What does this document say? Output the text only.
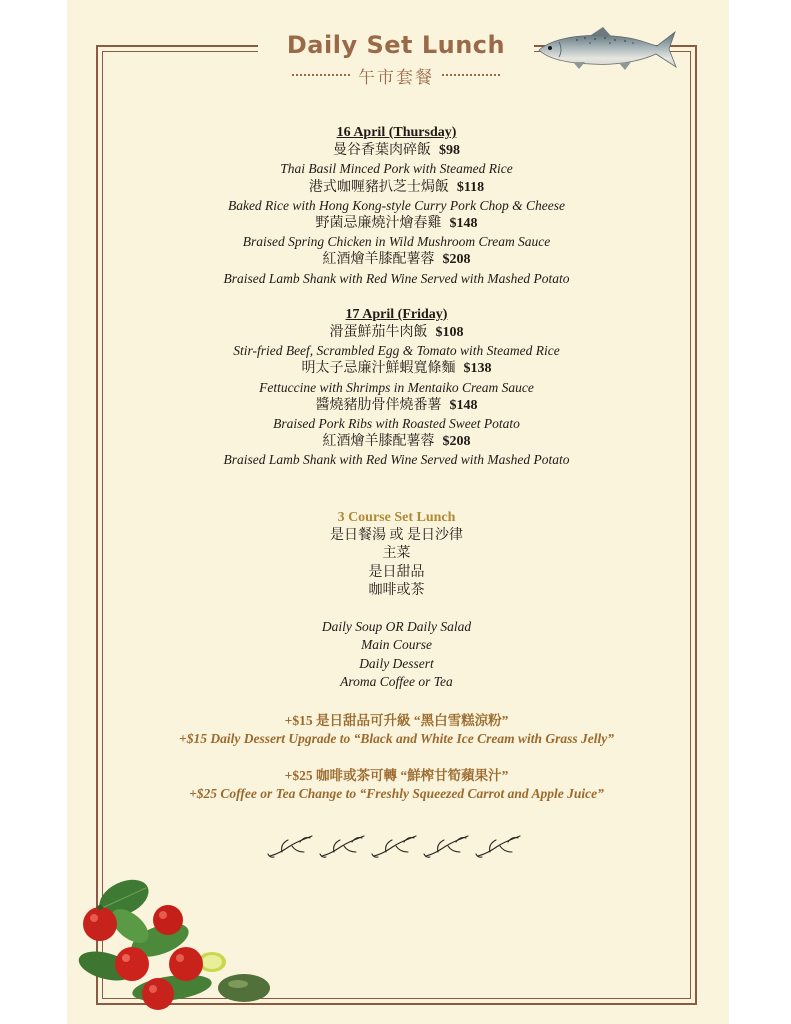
Daily Set Lunch
午市套餐
16 April (Thursday)
曼谷香葉肉碎飯 $98
Thai Basil Minced Pork with Steamed Rice
港式咖喱豬扒芝士焗飯 $118
Baked Rice with Hong Kong-style Curry Pork Chop & Cheese
野菌忌廉燒汁燴春雞 $148
Braised Spring Chicken in Wild Mushroom Cream Sauce
紅酒燴羊膝配薯蓉 $208
Braised Lamb Shank with Red Wine Served with Mashed Potato
17 April (Friday)
滑蛋鮮茄牛肉飯 $108
Stir-fried Beef, Scrambled Egg & Tomato with Steamed Rice
明太子忌廉汁鮮蝦寬條麵 $138
Fettuccine with Shrimps in Mentaiko Cream Sauce
醬燒豬肋骨伴燒番薯 $148
Braised Pork Ribs with Roasted Sweet Potato
紅酒燴羊膝配薯蓉 $208
Braised Lamb Shank with Red Wine Served with Mashed Potato
3 Course Set Lunch
是日餐湯 或 是日沙律
主菜
是日甜品
咖啡或茶
Daily Soup OR Daily Salad
Main Course
Daily Dessert
Aroma Coffee or Tea
+$15 是日甜品可升級 “黑白雪糕涼粉”
+$15 Daily Dessert Upgrade to “Black and White Ice Cream with Grass Jelly”
+$25 咖啡或茶可轉 “鮮榨甘筍蘋果汁”
+$25 Coffee or Tea Change to “Freshly Squeezed Carrot and Apple Juice”
